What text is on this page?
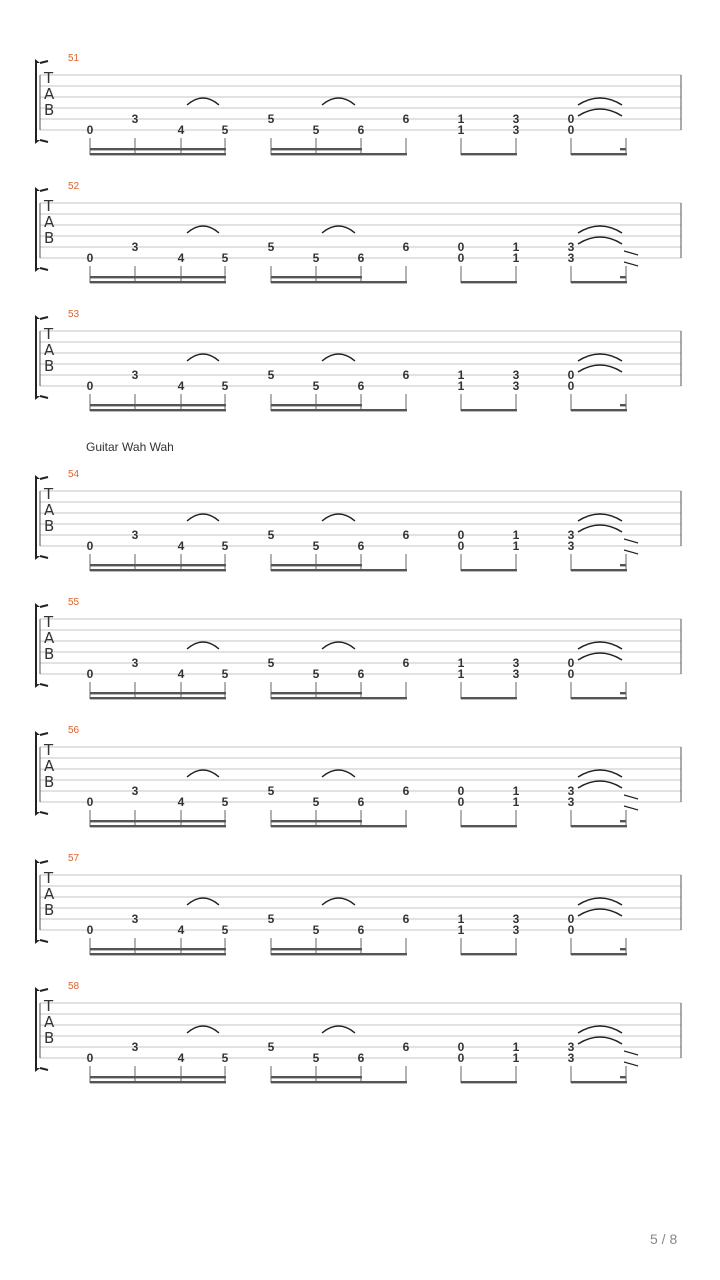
T
A
B
51
0
3
4	5
5
5	6
6	1	3	0
1	3	0
T
A
B
52
0
3
4	5
5
5	6
6	0	1	3
0	1	3
T
A
B
53
0
3
4	5
5
5	6
6	1	3	0
1	3	0
T
A
B
54
0
3
4	5
5
5	6
6	0	1	3
0	1	3
T
A
B
55
0
3
4	5
5
5	6
6	1	3	0
1	3	0
T
A
B
56
0
3
4	5
5
5	6
6	0	1	3
0	1	3
T
A
B
57
0
3
4	5
5
5	6
6	1	3	0
1	3	0
T
A
B
58
0
3
4	5
5
5	6
6	0	1	3
0	1	3
Guitar Wah Wah
5 / 8
